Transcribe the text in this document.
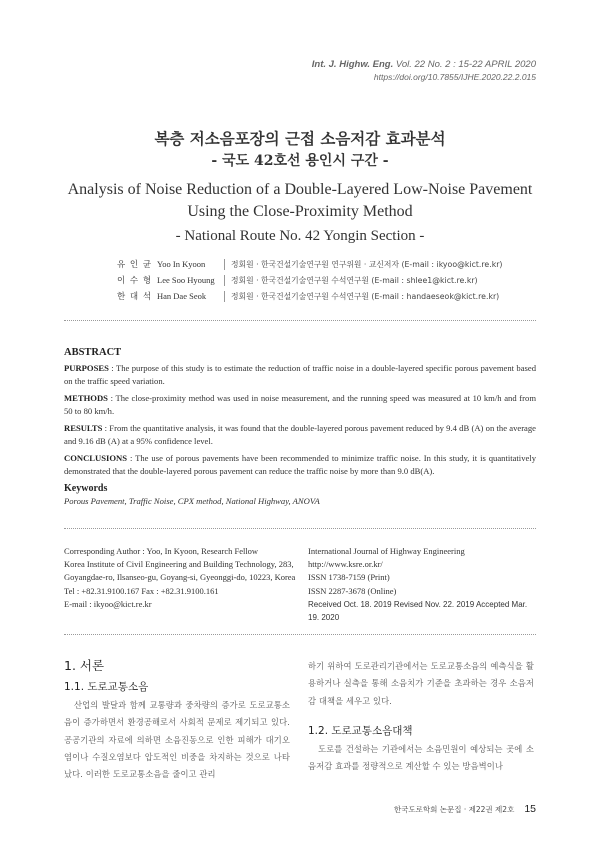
Int. J. Highw. Eng. Vol. 22 No. 2 : 15-22 APRIL 2020
https://doi.org/10.7855/IJHE.2020.22.2.015
복층 저소음포장의 근접 소음저감 효과분석
- 국도 42호선 용인시 구간 -
Analysis of Noise Reduction of a Double-Layered Low-Noise Pavement
Using the Close-Proximity Method
- National Route No. 42 Yongin Section -
유 인 균 Yoo In Kyoon	정회원 · 한국건설기술연구원 연구위원 · 교신저자 (E-mail : ikyoo@kict.re.kr)
이 수 형 Lee Soo Hyoung	정회원 · 한국건설기술연구원 수석연구원 (E-mail : shlee1@kict.re.kr)
한 대 석 Han Dae Seok	정회원 · 한국건설기술연구원 수석연구원 (E-mail : handaeseok@kict.re.kr)
ABSTRACT
PURPOSES : The purpose of this study is to estimate the reduction of traffic noise in a double-layered specific porous pavement based on the traffic speed variation.
METHODS : The close-proximity method was used in noise measurement, and the running speed was measured at 10 km/h and from 50 to 80 km/h.
RESULTS : From the quantitative analysis, it was found that the double-layered porous pavement reduced by 9.4 dB (A) on the average and 9.16 dB (A) at a 95% confidence level.
CONCLUSIONS : The use of porous pavements have been recommended to minimize traffic noise. In this study, it is quantitatively demonstrated that the double-layered porous pavement can reduce the traffic noise by more than 9.0 dB(A).
Keywords
Porous Pavement, Traffic Noise, CPX method, National Highway, ANOVA
Corresponding Author : Yoo, In Kyoon, Research Fellow
Korea Institute of Civil Engineering and Building Technology, 283,
Goyangdae-ro, Ilsanseo-gu, Goyang-si, Gyeonggi-do, 10223, Korea
Tel : +82.31.9100.167 Fax : +82.31.9100.161
E-mail : ikyoo@kict.re.kr
International Journal of Highway Engineering
http://www.ksre.or.kr/
ISSN 1738-7159 (Print)
ISSN 2287-3678 (Online)
Received Oct. 18. 2019 Revised Nov. 22. 2019 Accepted Mar. 19. 2020
1. 서론
1.1. 도로교통소음
산업의 발달과 함께 교통량과 중차량의 증가로 도로교통소음이 증가하면서 환경공해로서 사회적 문제로 제기되고 있다. 공공기관의 자료에 의하면 소음진동으로 인한 피해가 대기오염이나 수질오염보다 압도적인 비중을 차지하는 것으로 나타났다. 이러한 도로교통소음을 줄이고 관리
하기 위하여 도로관리기관에서는 도로교통소음의 예측식을 활용하거나 실측을 통해 소음치가 기준을 초과하는 경우 소음저감 대책을 세우고 있다.
1.2. 도로교통소음대책
도로를 건설하는 기관에서는 소음민원이 예상되는 곳에 소음저감 효과를 정량적으로 계산할 수 있는 방음벽이나
한국도로학회 논문집 · 제22권 제2호 15
